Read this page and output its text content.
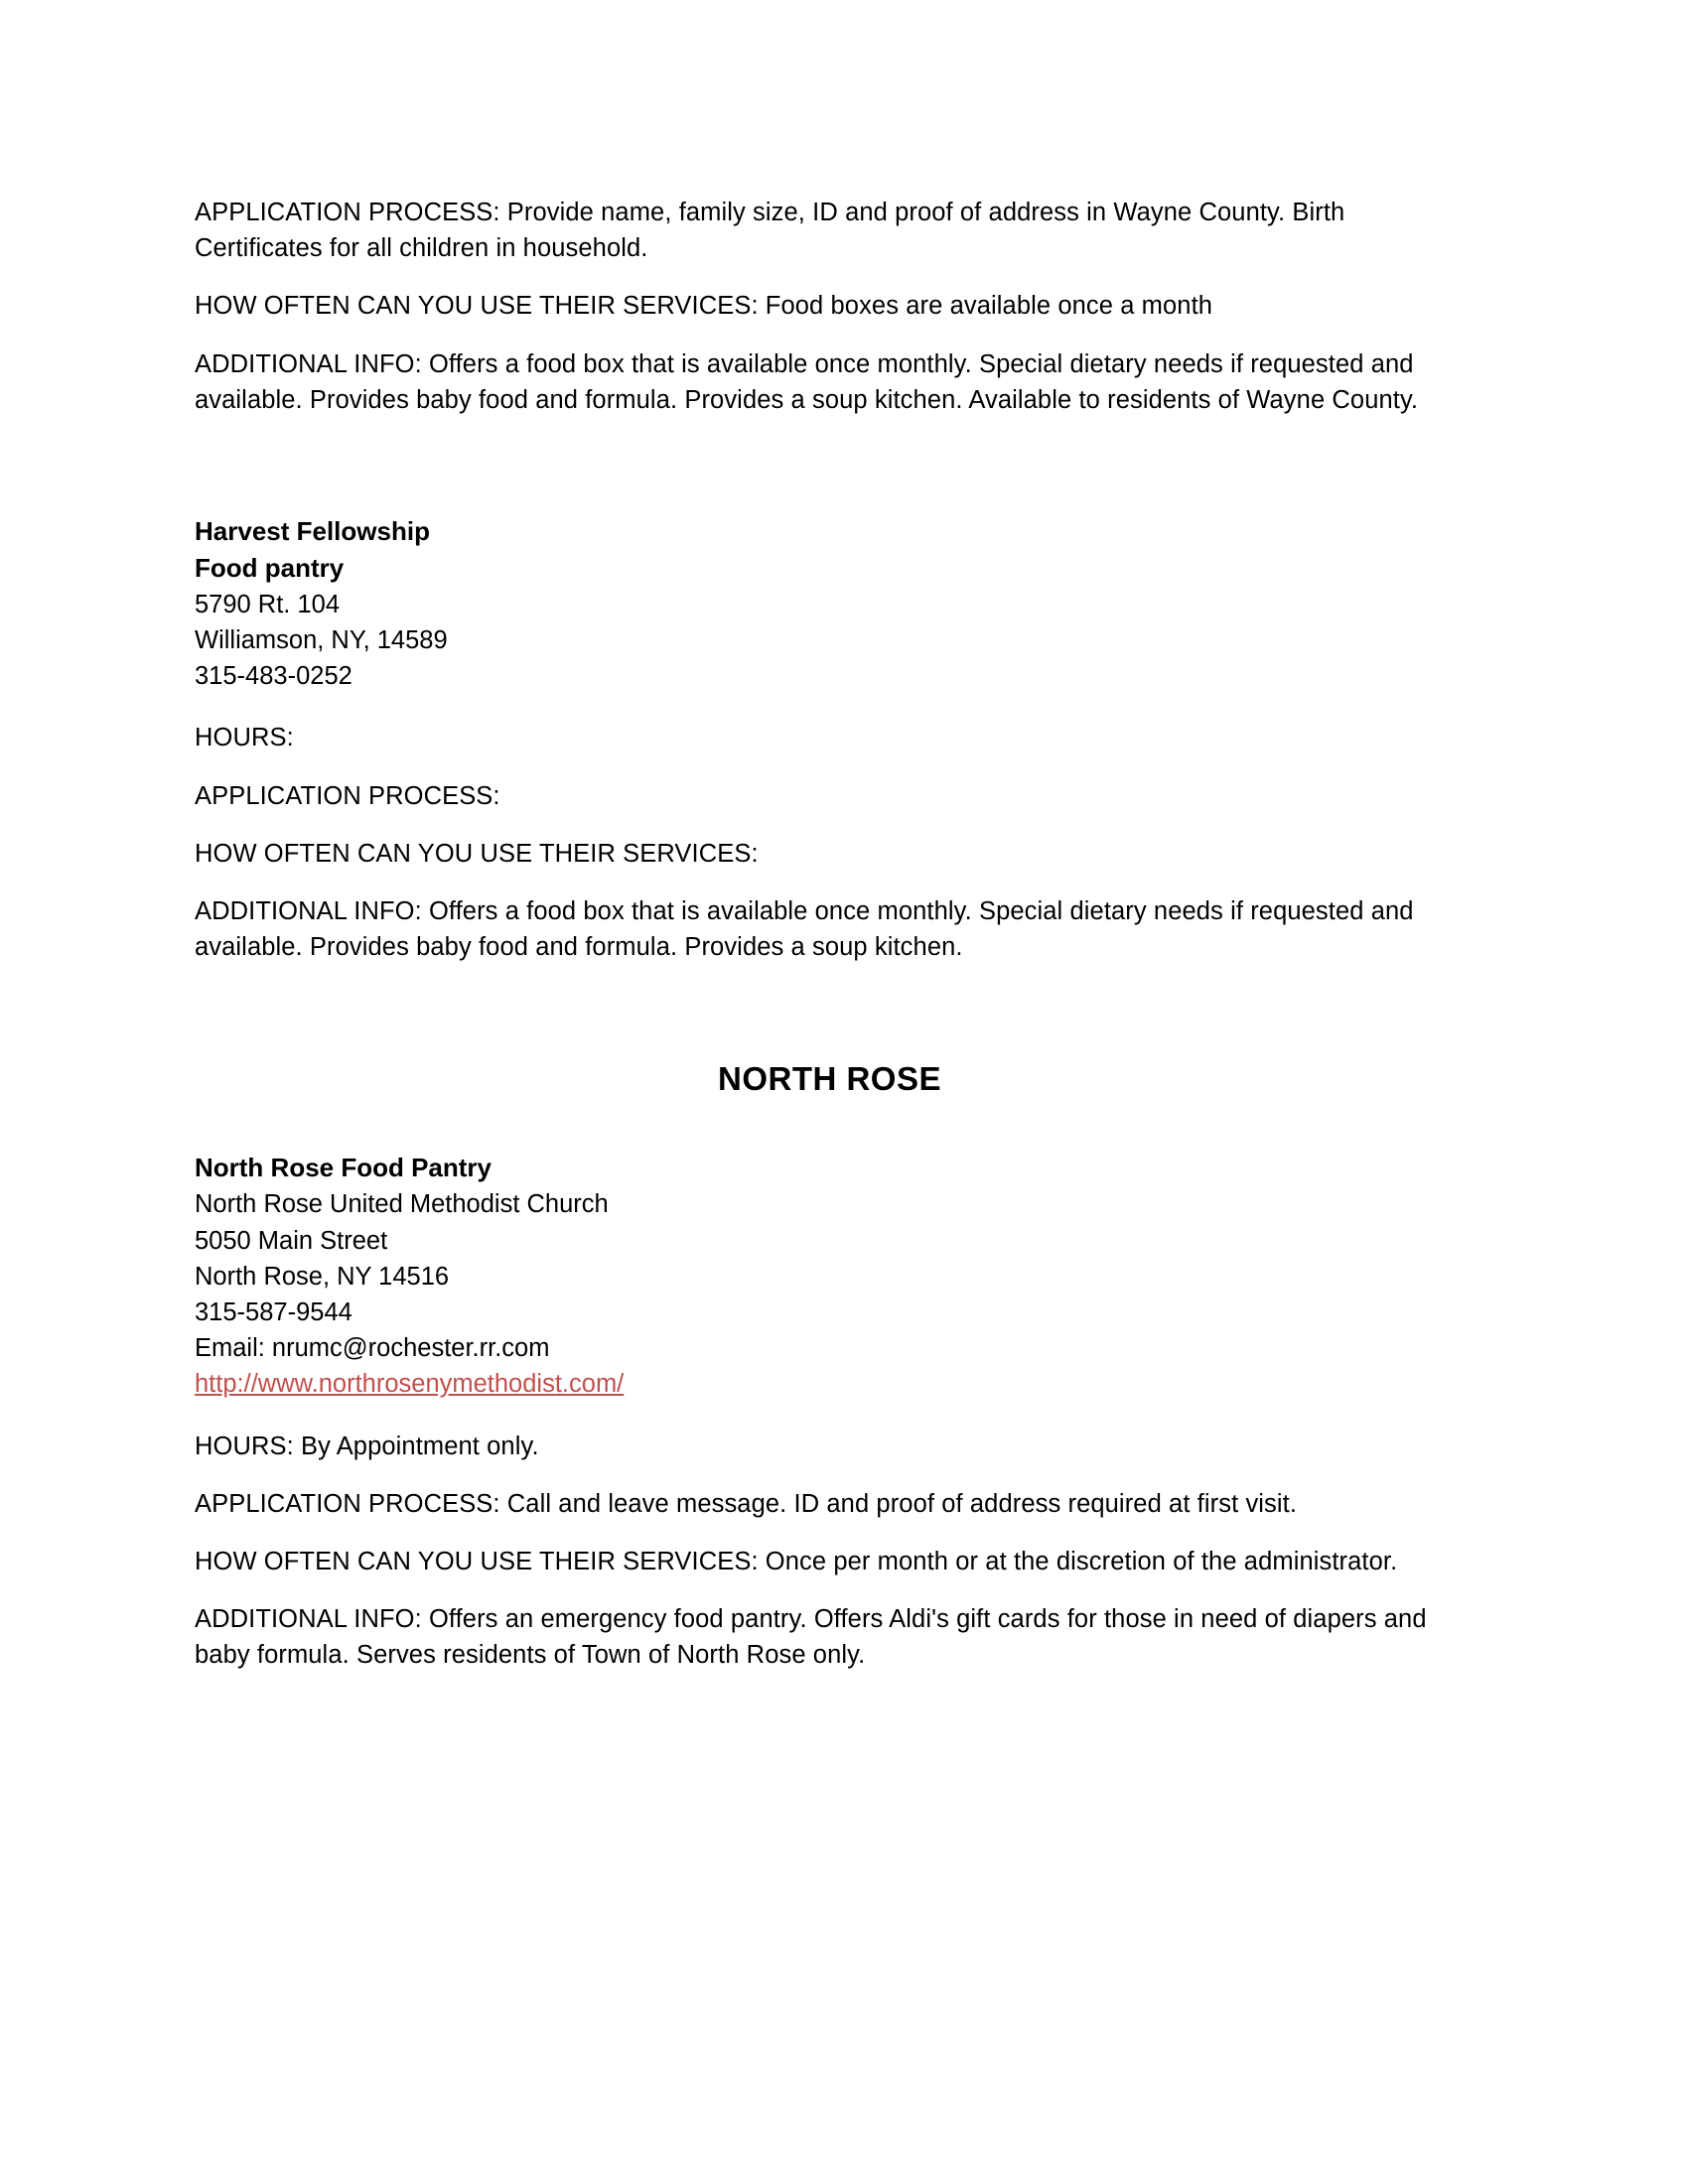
APPLICATION PROCESS: Provide name, family size, ID and proof of address in Wayne County. Birth Certificates for all children in household.

HOW OFTEN CAN YOU USE THEIR SERVICES: Food boxes are available once a month

ADDITIONAL INFO: Offers a food box that is available once monthly. Special dietary needs if requested and available. Provides baby food and formula. Provides a soup kitchen. Available to residents of Wayne County.

Harvest Fellowship

Food pantry

5790 Rt. 104

Williamson, NY, 14589

315-483-0252

HOURS:

APPLICATION PROCESS:

HOW OFTEN CAN YOU USE THEIR SERVICES:

ADDITIONAL INFO: Offers a food box that is available once monthly. Special dietary needs if requested and available. Provides baby food and formula. Provides a soup kitchen.

NORTH ROSE

North Rose Food Pantry

North Rose United Methodist Church

5050 Main Street

North Rose, NY 14516

315-587-9544

Email: nrumc@rochester.rr.com

http://www.northrosenymethodist.com/

HOURS: By Appointment only.

APPLICATION PROCESS: Call and leave message. ID and proof of address required at first visit.

HOW OFTEN CAN YOU USE THEIR SERVICES: Once per month or at the discretion of the administrator.

ADDITIONAL INFO: Offers an emergency food pantry. Offers Aldi's gift cards for those in need of diapers and baby formula. Serves residents of Town of North Rose only.
